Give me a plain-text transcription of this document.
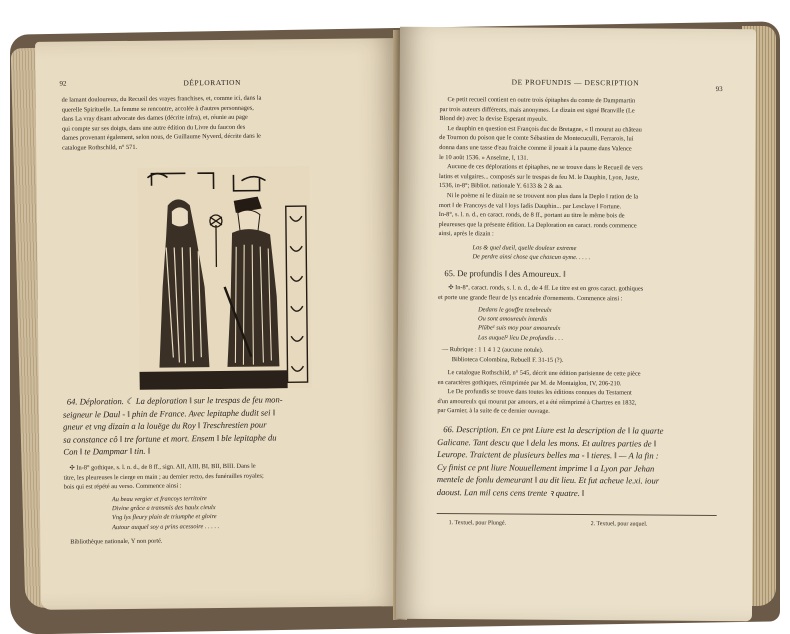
92	DÉPLORATION
de lamant douloureux, du Recueil des vrayes franchises, et, comme ici, dans la
querelle Spirituelle. La femme se rencontre, accolée à d'autres personnages,
dans La vray disant advocate des dames (décrite infra), et, réunie au page
qui compte sur ses doigts, dans une autre édition du Livre du faucon des
dames provenant également, selon nous, de Guillaume Nyverd, décrite dans le
catalogue Rothschild, n° 571.
64. Déploration. ☾ La deploration ‖ sur le trespas de feu mon-
seigneur le Daul - ‖ phin de France. Avec lepitaphe dudit sei ‖
gneur et vng dizain a la louëge du Roy ‖ Treschrestien pour
sa constance cô ‖ tre fortune et mort. Ensem ‖ ble lepitaphe du
Con ‖ te Dampmar ‖ tin. ‖
✣ In-8° gothique, s. l. n. d., de 8 ff., sign. AII, AIII, BI, BII, BIII. Dans le
titre, les pleureuses le cierge en main ; au dernier recto, des funérailles royales;
bois qui est répété au verso. Commence ainsi :
Au beau vergier et francoys territoire
Divine grâce a transmis des haulx cieulx
Vng lys fleury plain de triumphe et gloire
Autour auquel soy a prins acessoire . . . . .
Bibliothèque nationale, Y non porté.
DE PROFUNDIS — DESCRIPTION
93
Ce petit recueil contient en outre trois épitaphes du comte de Dampmartin
par trois auteurs différents, mais anonymes. Le dizain est signé Branville (Le
Blond de) avec la devise Esperant myeulx.
Le dauphin en question est François duc de Bretagne, « Il mourut au château
de Tournon du poison que le comte Sébastien de Montecuculli, Ferrarois, lui
donna dans une tasse d'eau fraiche comme il jouait à la paume dans Valence
le 10 août 1536. » Anselme, I, 131.
Aucune de ces déplorations et épitaphes, ne se trouve dans le Recueil de vers
latins et vulgaires... composés sur le trespas de feu M. le Dauphin, Lyon, Juste,
1536, in-8°; Bibliot. nationale Y. 6133 & 2 & aa.
Ni le poème ni le dizain ne se trouvent non plus dans la Deplo ‖ ration de la
mort ‖ de Francoys de val ‖ loys Iadis Dauphin... par Lesclave ‖ Fortune.
In-8°, s. l. n. d., en caract. ronds, de 8 ff., portant au titre le même bois de
pleureuses que la présente édition. La Deploration en caract. ronds commence
ainsi, après le dizain :
Las & quel dueil, quelle douleur extreme
De perdre ainsi chose que chascun ayme. . . . .
65. De profundis ‖ des Amoureux. ‖
✣ In-8°, caract. ronds, s. l. n. d., de 4 ff. Le titre est en gros caract. gothiques
et porte une grande fleur de lys encadrée d'ornements. Commence ainsi :
Dedans le gouffre tenebreulx
Ou sont amoureulx interdis
Plûbe¹ suis moy pour amoureulx
Las auquel² lieu De profundis . . .
— Rubrique : 1 1 4 1 2 (aucune notule).
Biblioteca Colombina, Rebuell F. 31-15 (?).
Le catalogue Rothschild, n° 545, décrit une édition parisienne de cette pièce
en caractères gothiques, réimprimée par M. de Montaiglon, IV, 206-210.
Le De profundis se trouve dans toutes les éditions connues du Testament
d'un amoureulx qui mourut par amours, et a été réimprimé à Chartres en 1832,
par Garnier, à la suite de ce dernier ouvrage.
66. Description. En ce pnt Liure est la description de ‖ la quarte
Galicane. Tant descu que ‖ dela les mons. Et aultres parties de ‖
Leurope. Traictent de plusieurs belles ma - ‖ tieres. ‖ — A la fin :
Cy finist ce pnt liure Nouuellement imprime ‖ a Lyon par Jehan
mentele de fonlu demeurant ‖ au dit lieu. Et fut acheue le.xi. iour
daoust. Lan mil cens cens trente ꝛ quatre. ‖
1. Textuel, pour Plungé.	2. Textuel, pour auquel.
